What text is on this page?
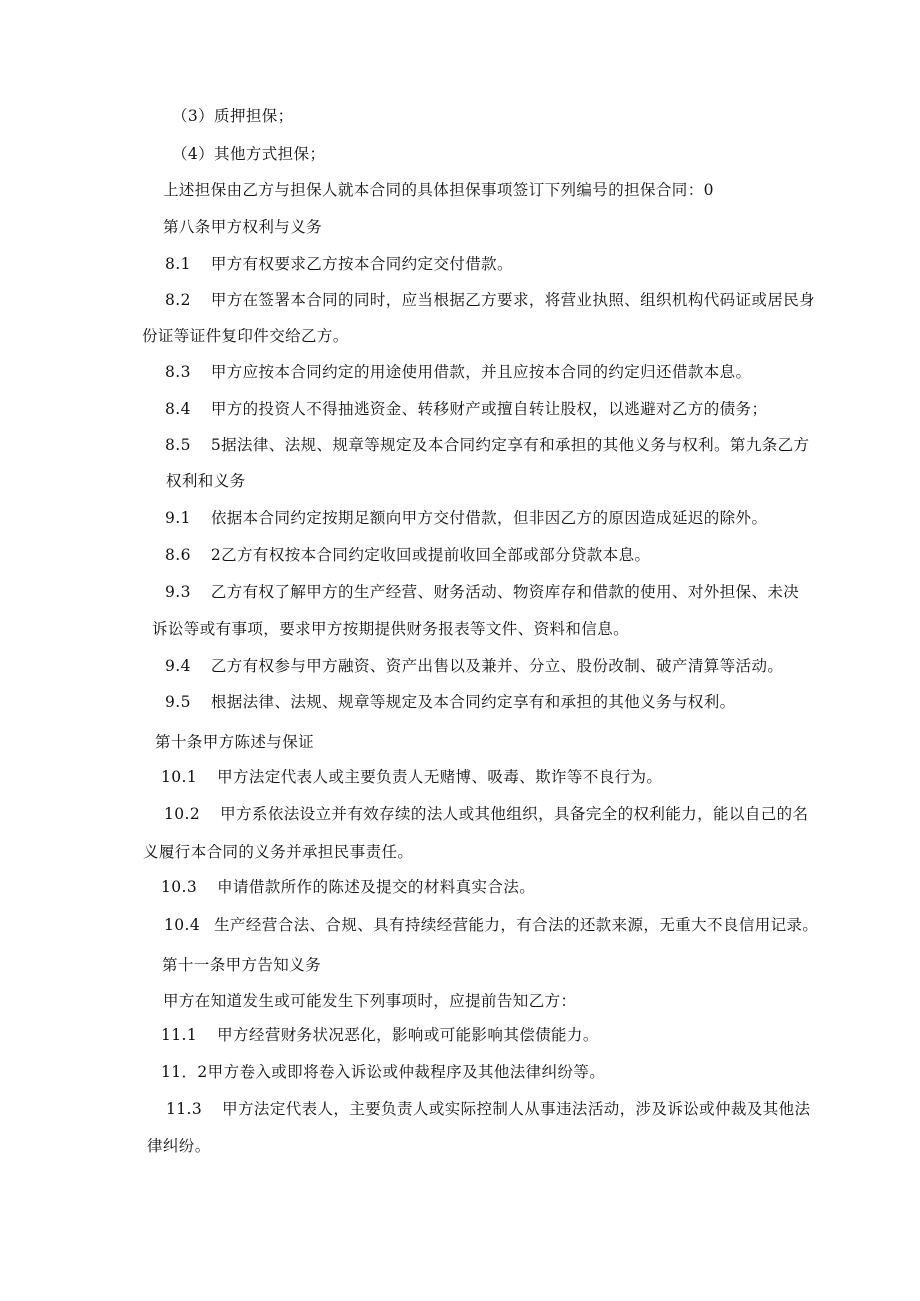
（3）质押担保；
（4）其他方式担保；
上述担保由乙方与担保人就本合同的具体担保事项签订下列编号的担保合同：0
第八条甲方权利与义务
8.1 甲方有权要求乙方按本合同约定交付借款。
8.2 甲方在签署本合同的同时，应当根据乙方要求，将营业执照、组织机构代码证或居民身
份证等证件复印件交给乙方。
8.3 甲方应按本合同约定的用途使用借款，并且应按本合同的约定归还借款本息。
8.4 甲方的投资人不得抽逃资金、转移财产或擅自转让股权，以逃避对乙方的债务；
8.5 5据法律、法规、规章等规定及本合同约定享有和承担的其他义务与权利。第九条乙方
权利和义务
9.1 依据本合同约定按期足额向甲方交付借款，但非因乙方的原因造成延迟的除外。
8.6 2乙方有权按本合同约定收回或提前收回全部或部分贷款本息。
9.3 乙方有权了解甲方的生产经营、财务活动、物资库存和借款的使用、对外担保、未决
诉讼等或有事项，要求甲方按期提供财务报表等文件、资料和信息。
9.4 乙方有权参与甲方融资、资产出售以及兼并、分立、股份改制、破产清算等活动。
9.5 根据法律、法规、规章等规定及本合同约定享有和承担的其他义务与权利。
第十条甲方陈述与保证
10.1 甲方法定代表人或主要负责人无赌博、吸毒、欺诈等不良行为。
10.2 甲方系依法设立并有效存续的法人或其他组织，具备完全的权利能力，能以自己的名
义履行本合同的义务并承担民事责任。
10.3 申请借款所作的陈述及提交的材料真实合法。
10.4 生产经营合法、合规、具有持续经营能力，有合法的还款来源，无重大不良信用记录。
第十一条甲方告知义务
甲方在知道发生或可能发生下列事项时，应提前告知乙方：
11.1 甲方经营财务状况恶化，影响或可能影响其偿债能力。
11．2甲方卷入或即将卷入诉讼或仲裁程序及其他法律纠纷等。
11.3 甲方法定代表人，主要负责人或实际控制人从事违法活动，涉及诉讼或仲裁及其他法
律纠纷。
